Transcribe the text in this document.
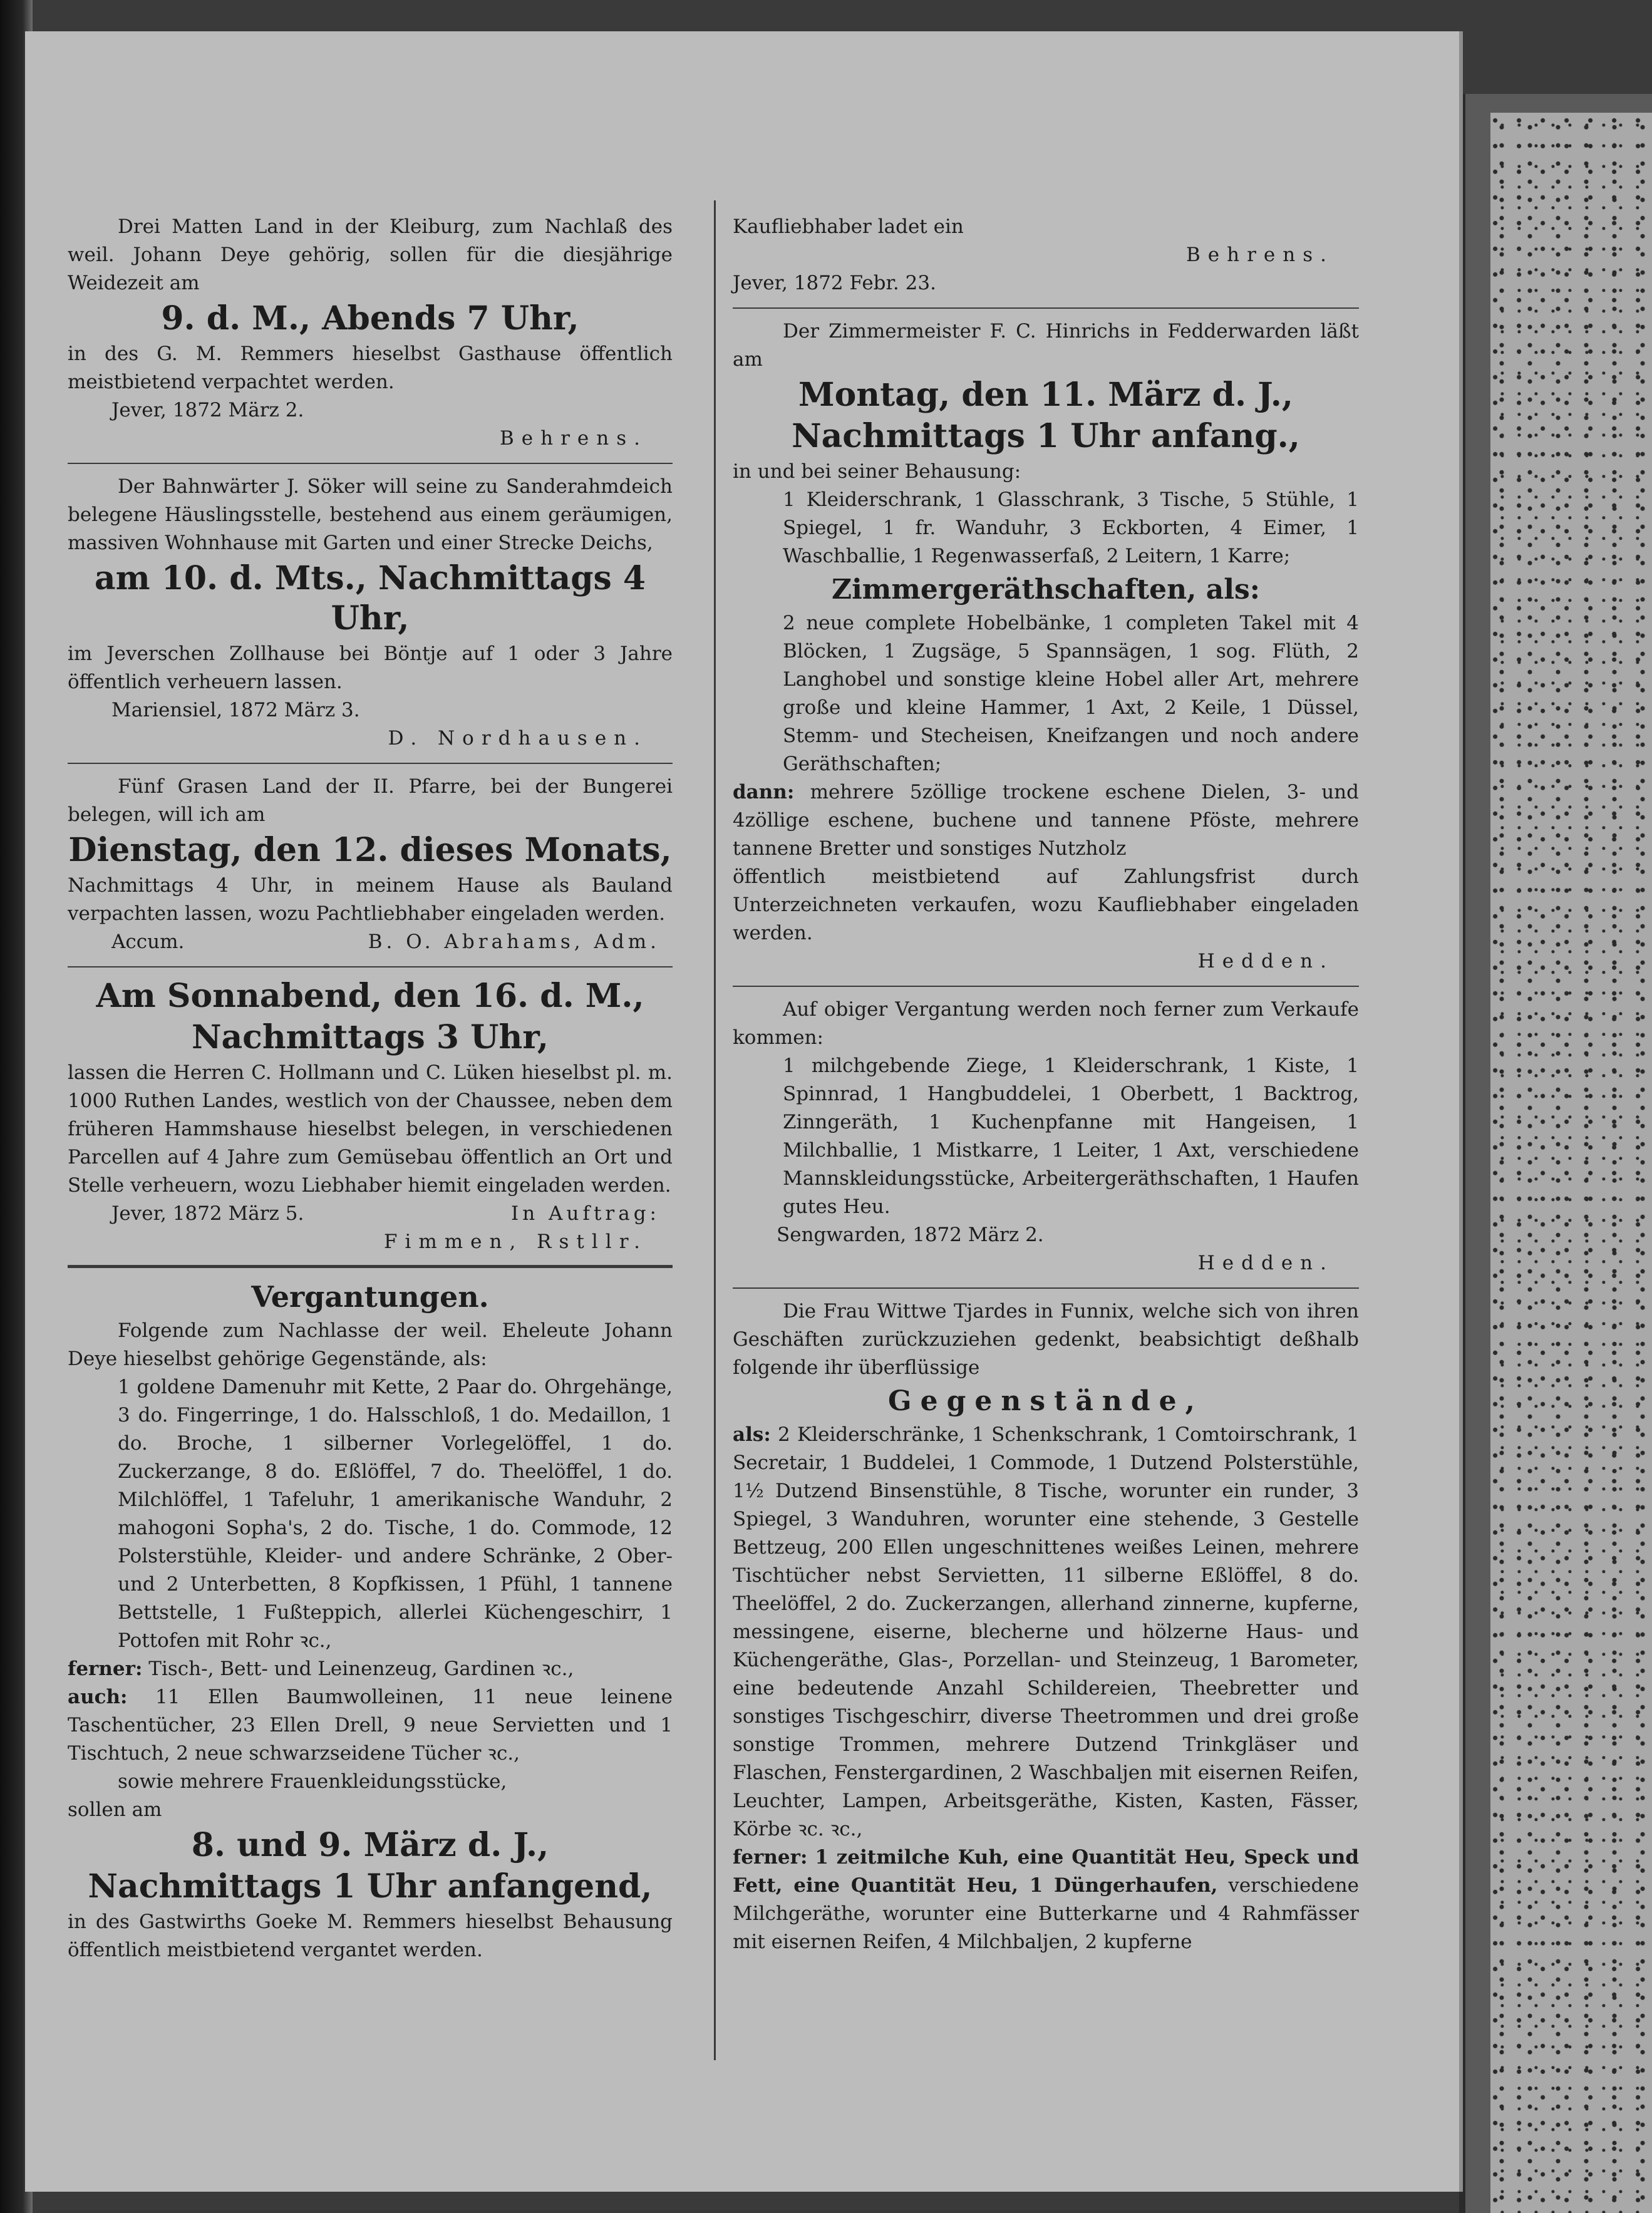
Drei Matten Land in der Kleiburg, zum Nachlaß des weil. Johann Deye gehörig, sollen für die diesjährige Weidezeit am

9. d. M., Abends 7 Uhr,

in des G. M. Remmers hieselbst Gasthause öffentlich meistbietend verpachtet werden.

Jever, 1872 März 2.

Behrens.

Der Bahnwärter J. Söker will seine zu Sanderahmdeich belegene Häuslingsstelle, bestehend aus einem geräumigen, massiven Wohnhause mit Garten und einer Strecke Deichs,

am 10. d. Mts., Nachmittags 4 Uhr,

im Jeverschen Zollhause bei Böntje auf 1 oder 3 Jahre öffentlich verheuern lassen.

Mariensiel, 1872 März 3.

D. Nordhausen.

Fünf Grasen Land der II. Pfarre, bei der Bungerei belegen, will ich am

Dienstag, den 12. dieses Monats,

Nachmittags 4 Uhr, in meinem Hause als Bauland verpachten lassen, wozu Pachtliebhaber eingeladen werden.

Accum.	B. O. Abrahams, Adm.

Am Sonnabend, den 16. d. M.,

Nachmittags 3 Uhr,

lassen die Herren C. Hollmann und C. Lüken hieselbst pl. m. 1000 Ruthen Landes, westlich von der Chaussee, neben dem früheren Hammshause hieselbst belegen, in verschiedenen Parcellen auf 4 Jahre zum Gemüsebau öffentlich an Ort und Stelle verheuern, wozu Liebhaber hiemit eingeladen werden.

Jever, 1872 März 5.	In Auftrag:

Fimmen, Rstllr.

Vergantungen.

Folgende zum Nachlasse der weil. Eheleute Johann Deye hieselbst gehörige Gegenstände, als:

1 goldene Damenuhr mit Kette, 2 Paar do. Ohrgehänge, 3 do. Fingerringe, 1 do. Halsschloß, 1 do. Medaillon, 1 do. Broche, 1 silberner Vorlegelöffel, 1 do. Zuckerzange, 8 do. Eßlöffel, 7 do. Theelöffel, 1 do. Milchlöffel, 1 Tafeluhr, 1 amerikanische Wanduhr, 2 mahogoni Sopha's, 2 do. Tische, 1 do. Commode, 12 Polsterstühle, Kleider- und andere Schränke, 2 Ober- und 2 Unterbetten, 8 Kopfkissen, 1 Pfühl, 1 tannene Bettstelle, 1 Fußteppich, allerlei Küchengeschirr, 1 Pottofen mit Rohr ꝛc.,

ferner: Tisch-, Bett- und Leinenzeug, Gardinen ꝛc.,

auch: 11 Ellen Baumwolleinen, 11 neue leinene Taschentücher, 23 Ellen Drell, 9 neue Servietten und 1 Tischtuch, 2 neue schwarzseidene Tücher ꝛc.,

sowie mehrere Frauenkleidungsstücke,

sollen am

8. und 9. März d. J.,

Nachmittags 1 Uhr anfangend,

in des Gastwirths Goeke M. Remmers hieselbst Behausung öffentlich meistbietend vergantet werden.

Kaufliebhaber ladet ein

Behrens.

Jever, 1872 Febr. 23.

Der Zimmermeister F. C. Hinrichs in Fedderwarden läßt am

Montag, den 11. März d. J.,

Nachmittags 1 Uhr anfang.,

in und bei seiner Behausung:

1 Kleiderschrank, 1 Glasschrank, 3 Tische, 5 Stühle, 1 Spiegel, 1 fr. Wanduhr, 3 Eckborten, 4 Eimer, 1 Waschballie, 1 Regenwasserfaß, 2 Leitern, 1 Karre;

Zimmergeräthschaften, als:

2 neue complete Hobelbänke, 1 completen Takel mit 4 Blöcken, 1 Zugsäge, 5 Spannsägen, 1 sog. Flüth, 2 Langhobel und sonstige kleine Hobel aller Art, mehrere große und kleine Hammer, 1 Axt, 2 Keile, 1 Düssel, Stemm- und Stecheisen, Kneifzangen und noch andere Geräthschaften;

dann: mehrere 5zöllige trockene eschene Dielen, 3- und 4zöllige eschene, buchene und tannene Pföste, mehrere tannene Bretter und sonstiges Nutzholz

öffentlich meistbietend auf Zahlungsfrist durch Unterzeichneten verkaufen, wozu Kaufliebhaber eingeladen werden.

Hedden.

Auf obiger Vergantung werden noch ferner zum Verkaufe kommen:

1 milchgebende Ziege, 1 Kleiderschrank, 1 Kiste, 1 Spinnrad, 1 Hangbuddelei, 1 Oberbett, 1 Backtrog, Zinngeräth, 1 Kuchenpfanne mit Hangeisen, 1 Milchballie, 1 Mistkarre, 1 Leiter, 1 Axt, verschiedene Mannskleidungsstücke, Arbeitergeräthschaften, 1 Haufen gutes Heu.

Sengwarden, 1872 März 2.

Hedden.

Die Frau Wittwe Tjardes in Funnix, welche sich von ihren Geschäften zurückzuziehen gedenkt, beabsichtigt deßhalb folgende ihr überflüssige

Gegenstände,

als: 2 Kleiderschränke, 1 Schenkschrank, 1 Comtoirschrank, 1 Secretair, 1 Buddelei, 1 Commode, 1 Dutzend Polsterstühle, 1½ Dutzend Binsenstühle, 8 Tische, worunter ein runder, 3 Spiegel, 3 Wanduhren, worunter eine stehende, 3 Gestelle Bettzeug, 200 Ellen ungeschnittenes weißes Leinen, mehrere Tischtücher nebst Servietten, 11 silberne Eßlöffel, 8 do. Theelöffel, 2 do. Zuckerzangen, allerhand zinnerne, kupferne, messingene, eiserne, blecherne und hölzerne Haus- und Küchengeräthe, Glas-, Porzellan- und Steinzeug, 1 Barometer, eine bedeutende Anzahl Schildereien, Theebretter und sonstiges Tischgeschirr, diverse Theetrommen und drei große sonstige Trommen, mehrere Dutzend Trinkgläser und Flaschen, Fenstergardinen, 2 Waschbaljen mit eisernen Reifen, Leuchter, Lampen, Arbeitsgeräthe, Kisten, Kasten, Fässer, Körbe ꝛc. ꝛc.,

ferner: 1 zeitmilche Kuh, eine Quantität Heu, Speck und Fett, eine Quantität Heu, 1 Düngerhaufen, verschiedene Milchgeräthe, worunter eine Butterkarne und 4 Rahmfässer mit eisernen Reifen, 4 Milchbaljen, 2 kupferne
